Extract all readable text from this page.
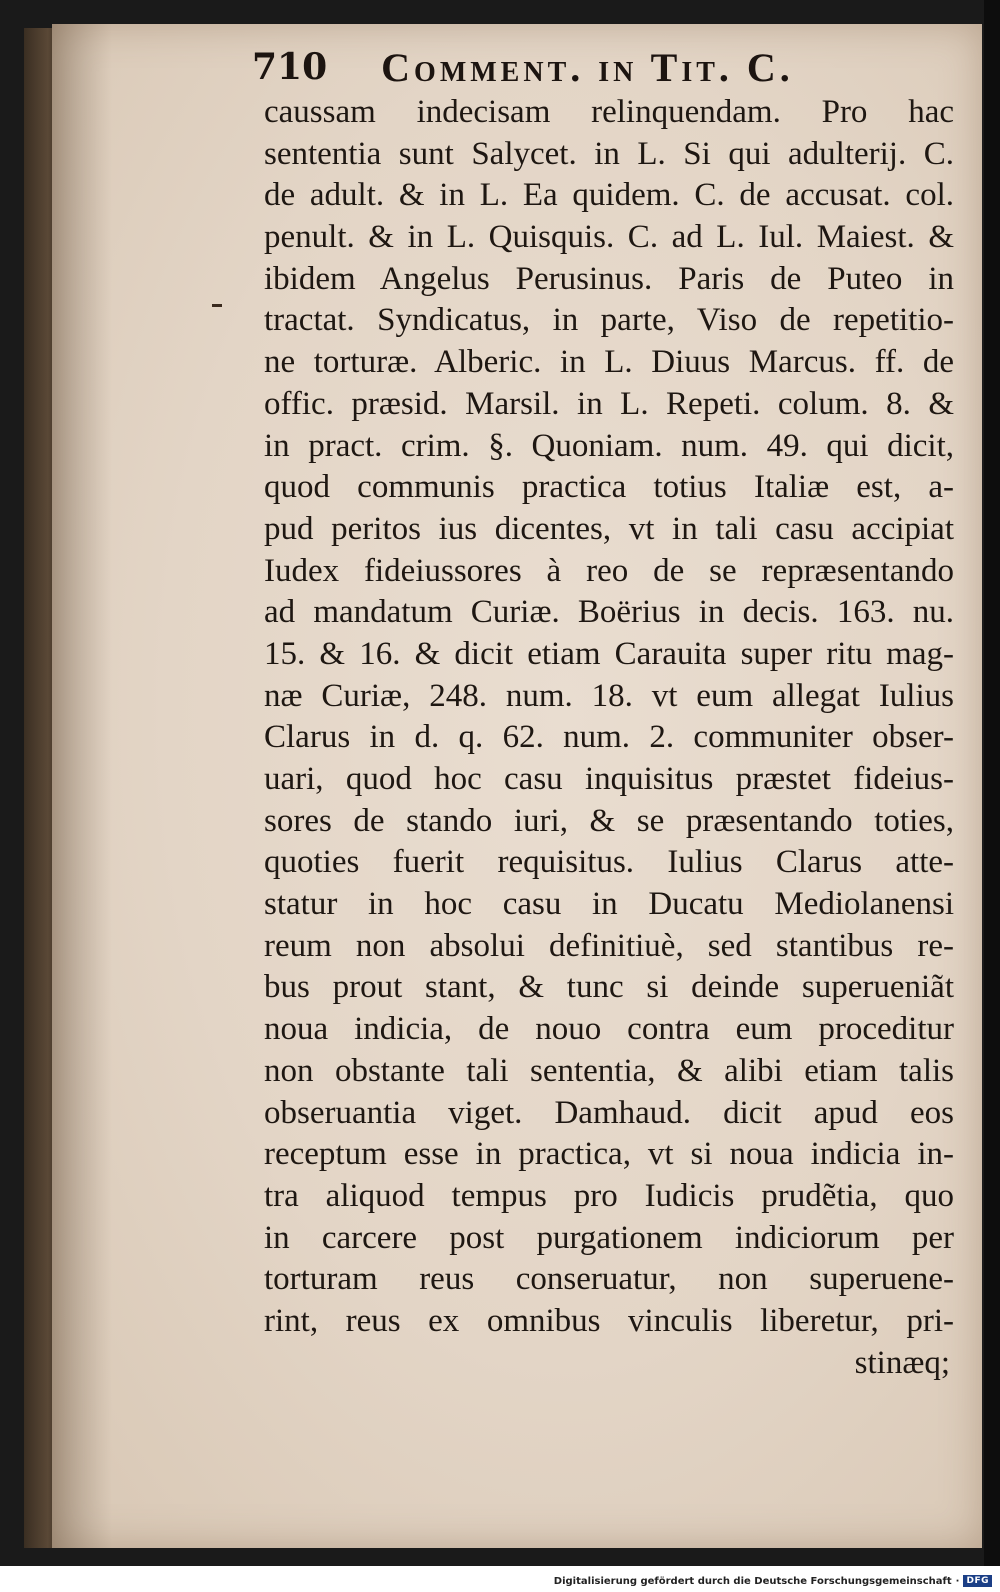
710 Comment. in Tit. C.
caussam indecisam relinquendam. Pro hac
sententia sunt Salycet. in L. Si qui adulterij. C.
de adult. & in L. Ea quidem. C. de accusat. col.
penult. & in L. Quisquis. C. ad L. Iul. Maiest. &
ibidem Angelus Perusinus. Paris de Puteo in
tractat. Syndicatus, in parte, Viso de repetitio-
ne torturæ. Alberic. in L. Diuus Marcus. ff. de
offic. præsid. Marsil. in L. Repeti. colum. 8. &
in pract. crim. §. Quoniam. num. 49. qui dicit,
quod communis practica totius Italiæ est, a-
pud peritos ius dicentes, vt in tali casu accipiat
Iudex fideiussores à reo de se repræsentando
ad mandatum Curiæ. Boërius in decis. 163. nu.
15. & 16. & dicit etiam Carauita super ritu mag-
næ Curiæ, 248. num. 18. vt eum allegat Iulius
Clarus in d. q. 62. num. 2. communiter obser-
uari, quod hoc casu inquisitus præstet fideius-
sores de stando iuri, & se præsentando toties,
quoties fuerit requisitus. Iulius Clarus atte-
statur in hoc casu in Ducatu Mediolanensi
reum non absolui definitiuè, sed stantibus re-
bus prout stant, & tunc si deinde superueniãt
noua indicia, de nouo contra eum proceditur
non obstante tali sententia, & alibi etiam talis
obseruantia viget. Damhaud. dicit apud eos
receptum esse in practica, vt si noua indicia in-
tra aliquod tempus pro Iudicis prudẽtia, quo
in carcere post purgationem indiciorum per
torturam reus conseruatur, non superuene-
rint, reus ex omnibus vinculis liberetur, pri-
stinæq;
Digitalisierung gefördert durch die Deutsche Forschungsgemeinschaft · DFG
